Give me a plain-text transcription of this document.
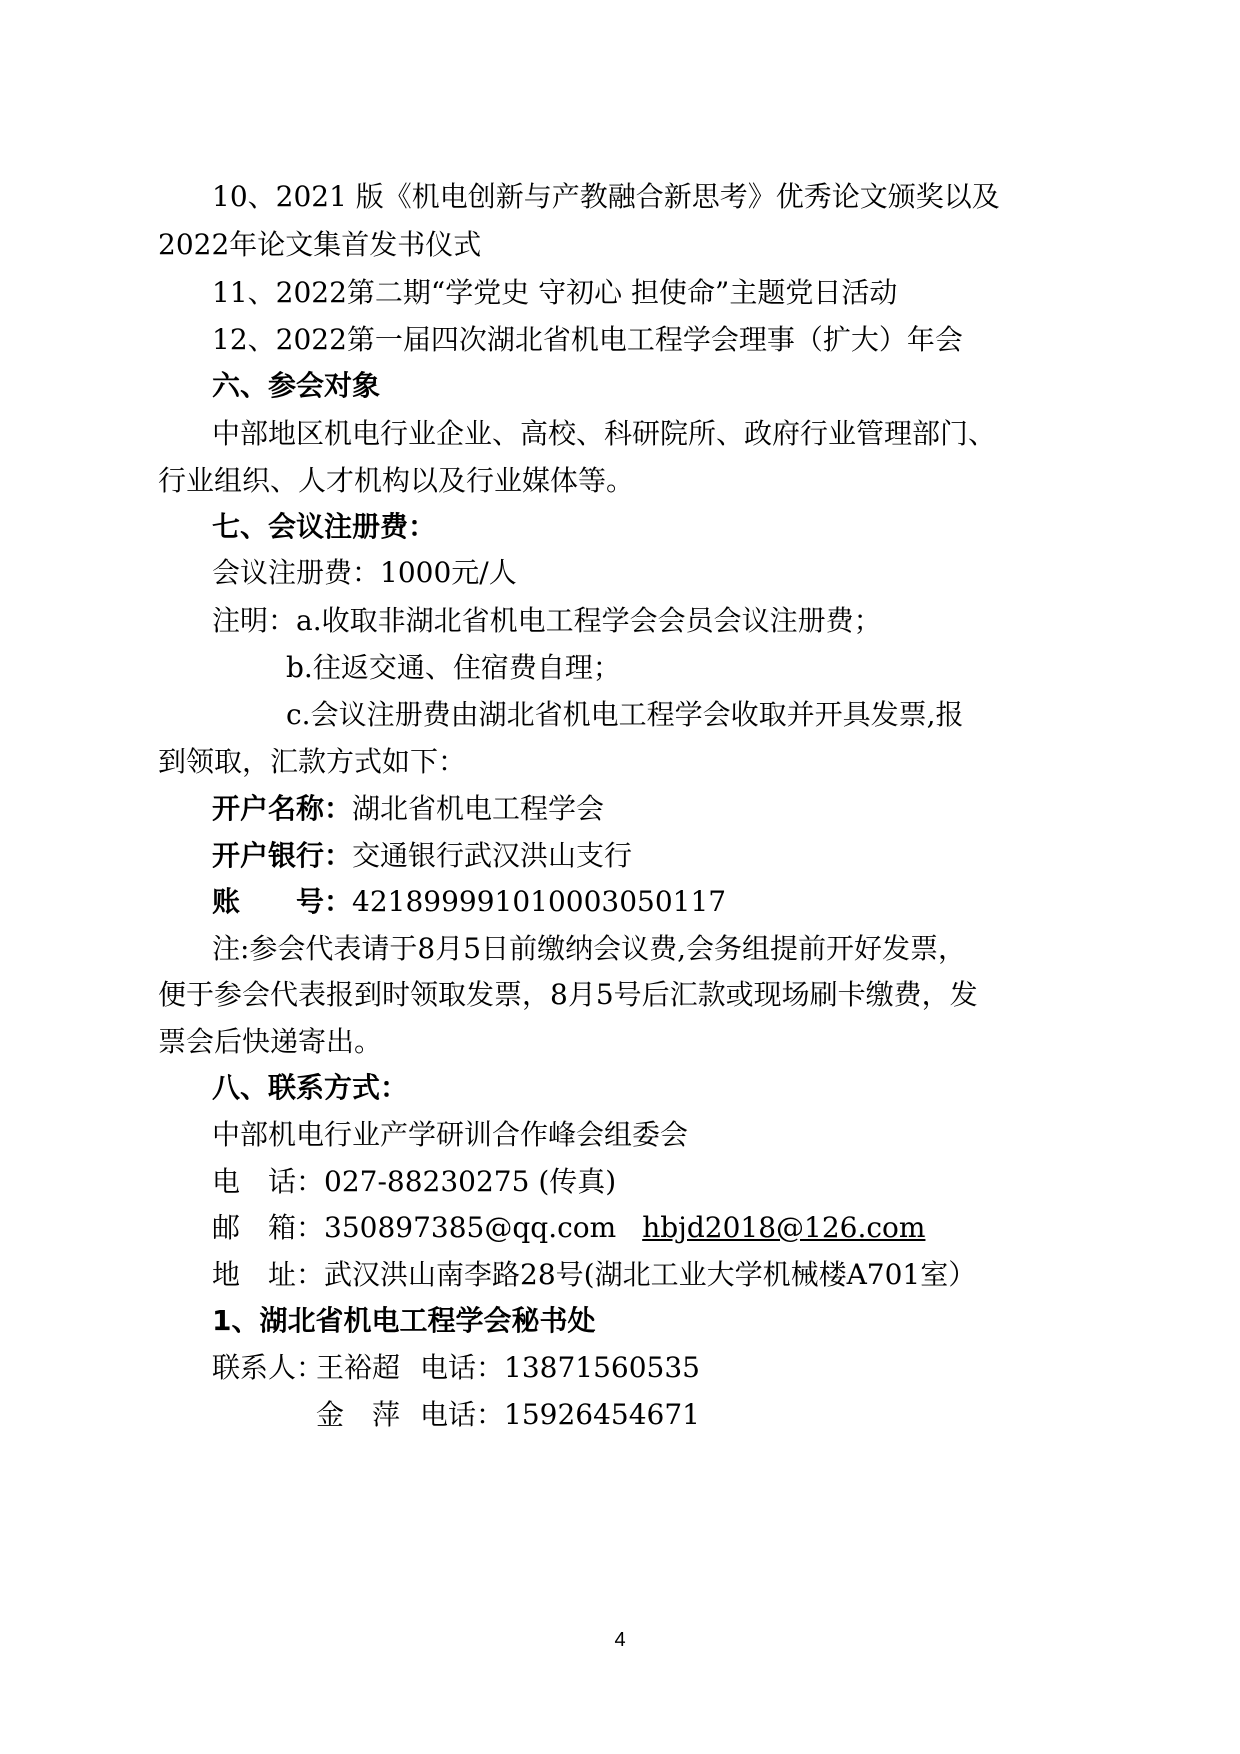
10、2021 版《机电创新与产教融合新思考》优秀论文颁奖以及
2022年论文集首发书仪式
11、2022第二期“学党史 守初心 担使命”主题党日活动
12、2022第一届四次湖北省机电工程学会理事（扩大）年会
六、参会对象
中部地区机电行业企业、高校、科研院所、政府行业管理部门、
行业组织、人才机构以及行业媒体等。
七、会议注册费：
会议注册费：1000元/人
注明：a.收取非湖北省机电工程学会会员会议注册费；
b.往返交通、住宿费自理；
c.会议注册费由湖北省机电工程学会收取并开具发票,报
到领取，汇款方式如下：
开户名称：湖北省机电工程学会
开户银行：交通银行武汉洪山支行
账 号：421899991010003050117
注:参会代表请于8月5日前缴纳会议费,会务组提前开好发票，
便于参会代表报到时领取发票，8月5号后汇款或现场刷卡缴费，发
票会后快递寄出。
八、联系方式：
中部机电行业产学研训合作峰会组委会
电　话：027-88230275 (传真)
邮　箱：350897385@qq.com hbjd2018@126.com
地　址：武汉洪山南李路28号(湖北工业大学机械楼A701室）
1、湖北省机电工程学会秘书处
联系人：王裕超 电话：13871560535
金　萍 电话：15926454671
4
